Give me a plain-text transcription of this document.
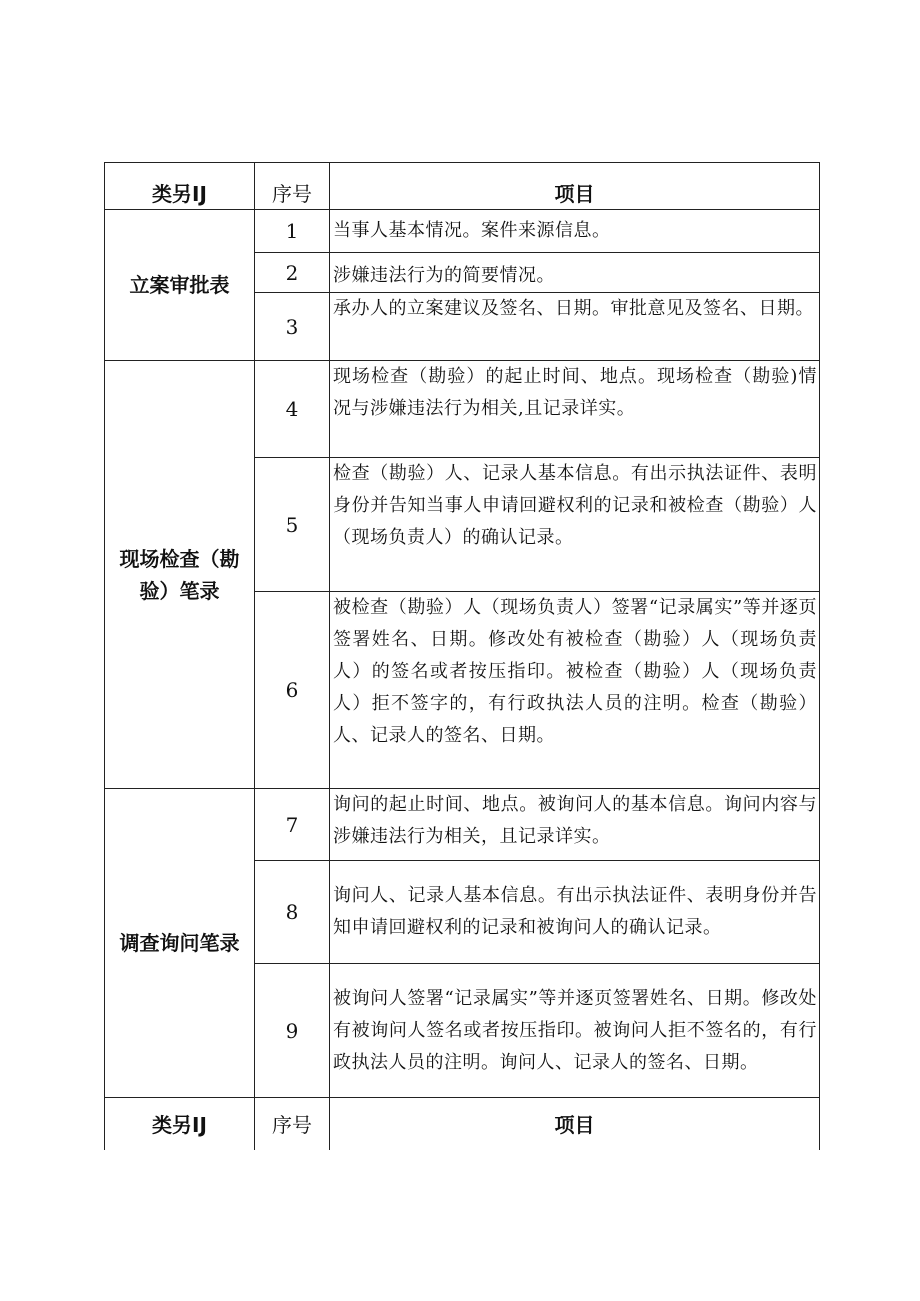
类另IJ	序号	项目
立案审批表	1	当事人基本情况。案件来源信息。
	2	涉嫌违法行为的简要情况。
	3	承办人的立案建议及签名、日期。审批意见及签名、日期。
现场检查（勘验）笔录	4	现场检查（勘验）的起止时间、地点。现场检查（勘验)情况与涉嫌违法行为相关,且记录详实。
	5	检查（勘验）人、记录人基本信息。有出示执法证件、表明身份并告知当事人申请回避权利的记录和被检查（勘验）人（现场负责人）的确认记录。
	6	被检查（勘验）人（现场负责人）签署“记录属实”等并逐页签署姓名、日期。修改处有被检查（勘验）人（现场负责人）的签名或者按压指印。被检查（勘验）人（现场负责人）拒不签字的，有行政执法人员的注明。检查（勘验）人、记录人的签名、日期。
调查询问笔录	7	询问的起止时间、地点。被询问人的基本信息。询问内容与涉嫌违法行为相关，且记录详实。
	8	询问人、记录人基本信息。有出示执法证件、表明身份并告知申请回避权利的记录和被询问人的确认记录。
	9	被询问人签署“记录属实”等并逐页签署姓名、日期。修改处有被询问人签名或者按压指印。被询问人拒不签名的，有行政执法人员的注明。询问人、记录人的签名、日期。
类另IJ	序号	项目
